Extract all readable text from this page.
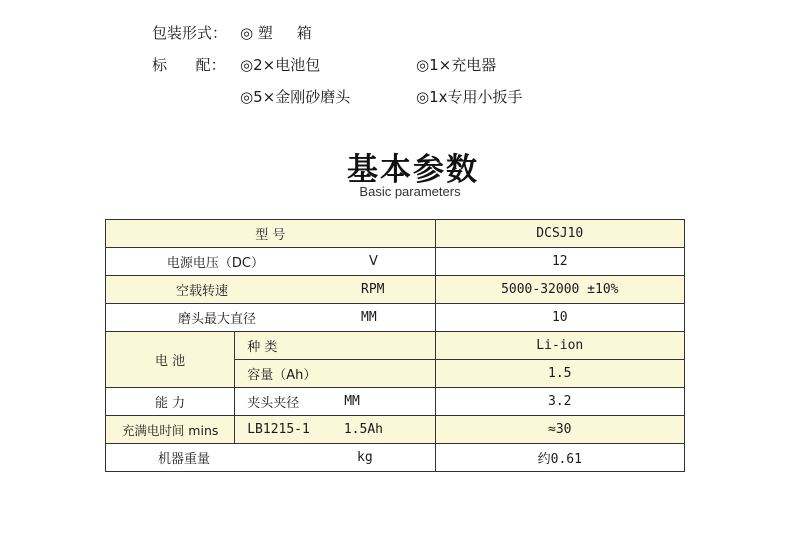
包装形式： ◎ 塑     箱
标      配： ◎2×电池包	◎1×充电器
◎5×金刚砂磨头	◎1x专用小扳手
基本参数
Basic parameters
型 号		DCSJ10

电源电压（DC） V		12

空载转速 RPM		5000-32000 ±10%

磨头最大直径 MM		10
电 池	种 类	Li-ion
	容量（Ah）	1.5
能 力	夹头夹径 MM	3.2
充满电时间 mins	LB1215-1 1.5Ah	≈30

机器重量 kg		约0.61
